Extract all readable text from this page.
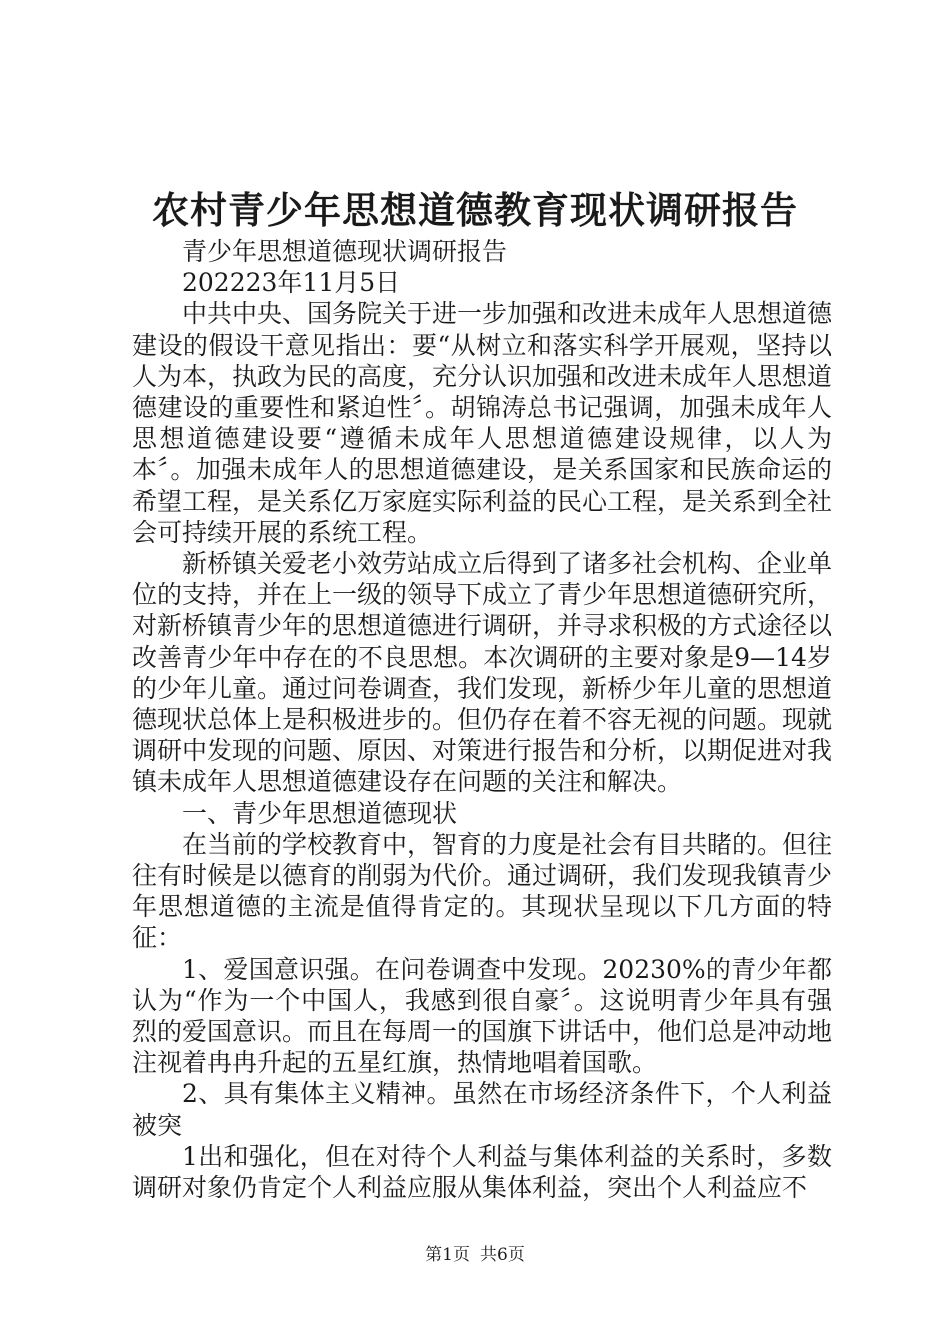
农村青少年思想道德教育现状调研报告

青少年思想道德现状调研报告

202223年11月5日

中共中央、国务院关于进一步加强和改进未成年人思想道德建设的假设干意见指出：要“从树立和落实科学开展观，坚持以人为本，执政为民的高度，充分认识加强和改进未成年人思想道德建设的重要性和紧迫性〞。胡锦涛总书记强调，加强未成年人思想道德建设要“遵循未成年人思想道德建设规律，以人为本〞。加强未成年人的思想道德建设，是关系国家和民族命运的希望工程，是关系亿万家庭实际利益的民心工程，是关系到全社会可持续开展的系统工程。

新桥镇关爱老小效劳站成立后得到了诸多社会机构、企业单位的支持，并在上一级的领导下成立了青少年思想道德研究所，对新桥镇青少年的思想道德进行调研，并寻求积极的方式途径以改善青少年中存在的不良思想。本次调研的主要对象是9—14岁的少年儿童。通过问卷调查，我们发现，新桥少年儿童的思想道德现状总体上是积极进步的。但仍存在着不容无视的问题。现就调研中发现的问题、原因、对策进行报告和分析，以期促进对我镇未成年人思想道德建设存在问题的关注和解决。

一、青少年思想道德现状

在当前的学校教育中，智育的力度是社会有目共睹的。但往往有时候是以德育的削弱为代价。通过调研，我们发现我镇青少年思想道德的主流是值得肯定的。其现状呈现以下几方面的特征：

1、爱国意识强。在问卷调查中发现。20230%的青少年都认为“作为一个中国人，我感到很自豪〞。这说明青少年具有强烈的爱国意识。而且在每周一的国旗下讲话中，他们总是冲动地注视着冉冉升起的五星红旗，热情地唱着国歌。

2、具有集体主义精神。虽然在市场经济条件下，个人利益被突

1出和强化，但在对待个人利益与集体利益的关系时，多数调研对象仍肯定个人利益应服从集体利益，突出个人利益应不

第1页 共6页
